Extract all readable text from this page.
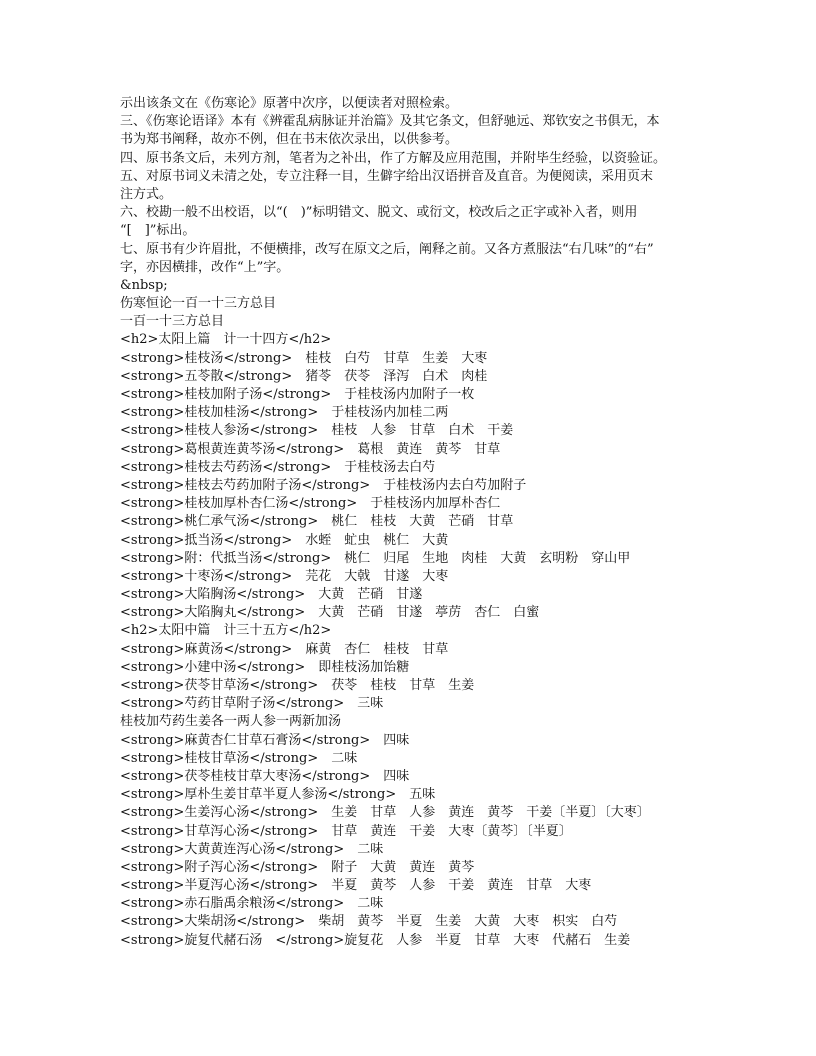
示出该条文在《伤寒论》原著中次序，以便读者对照检索。
三、《伤寒论语译》本有《辨霍乱病脉证并治篇》及其它条文，但舒驰远、郑钦安之书俱无，本
书为郑书阐释，故亦不例，但在书末依次录出，以供参考。
四、原书条文后，未列方剂，笔者为之补出，作了方解及应用范围，并附毕生经验，以资验证。
五、对原书词义未清之处，专立注释一目，生僻字给出汉语拼音及直音。为便阅读，采用页末
注方式。
六、校勘一般不出校语，以“(　)”标明错文、脱文、或衍文，校改后之正字或补入者，则用
“[　]”标出。
七、原书有少许眉批，不便横排，改写在原文之后，阐释之前。又各方煮服法“右几味”的“右”
字，亦因横排，改作“上”字。
&nbsp;
伤寒恒论一百一十三方总目
一百一十三方总目
<h2>太阳上篇　计一十四方</h2>
<strong>桂枝汤</strong>　桂枝　白芍　甘草　生姜　大枣
<strong>五苓散</strong>　猪苓　茯苓　泽泻　白术　肉桂
<strong>桂枝加附子汤</strong>　于桂枝汤内加附子一枚
<strong>桂枝加桂汤</strong>　于桂枝汤内加桂二两
<strong>桂枝人参汤</strong>　桂枝　人参　甘草　白术　干姜
<strong>葛根黄连黄芩汤</strong>　葛根　黄连　黄芩　甘草
<strong>桂枝去芍药汤</strong>　于桂枝汤去白芍
<strong>桂枝去芍药加附子汤</strong>　于桂枝汤内去白芍加附子
<strong>桂枝加厚朴杏仁汤</strong>　于桂枝汤内加厚朴杏仁
<strong>桃仁承气汤</strong>　桃仁　桂枝　大黄　芒硝　甘草
<strong>抵当汤</strong>　水蛭　虻虫　桃仁　大黄
<strong>附：代抵当汤</strong>　桃仁　归尾　生地　肉桂　大黄　玄明粉　穿山甲
<strong>十枣汤</strong>　芫花　大戟　甘遂　大枣
<strong>大陷胸汤</strong>　大黄　芒硝　甘遂
<strong>大陷胸丸</strong>　大黄　芒硝　甘遂　葶苈　杏仁　白蜜
<h2>太阳中篇　计三十五方</h2>
<strong>麻黄汤</strong>　麻黄　杏仁　桂枝　甘草
<strong>小建中汤</strong>　即桂枝汤加饴糖
<strong>茯苓甘草汤</strong>　茯苓　桂枝　甘草　生姜
<strong>芍药甘草附子汤</strong>　三味
桂枝加芍药生姜各一两人参一两新加汤
<strong>麻黄杏仁甘草石膏汤</strong>　四味
<strong>桂枝甘草汤</strong>　二味
<strong>茯苓桂枝甘草大枣汤</strong>　四味
<strong>厚朴生姜甘草半夏人参汤</strong>　五味
<strong>生姜泻心汤</strong>　生姜　甘草　人参　黄连　黄芩　干姜〔半夏〕〔大枣〕
<strong>甘草泻心汤</strong>　甘草　黄连　干姜　大枣〔黄芩〕〔半夏〕
<strong>大黄黄连泻心汤</strong>　二味
<strong>附子泻心汤</strong>　附子　大黄　黄连　黄芩
<strong>半夏泻心汤</strong>　半夏　黄芩　人参　干姜　黄连　甘草　大枣
<strong>赤石脂禹余粮汤</strong>　二味
<strong>大柴胡汤</strong>　柴胡　黄芩　半夏　生姜　大黄　大枣　枳实　白芍
<strong>旋复代赭石汤　</strong>旋复花　人参　半夏　甘草　大枣　代赭石　生姜
